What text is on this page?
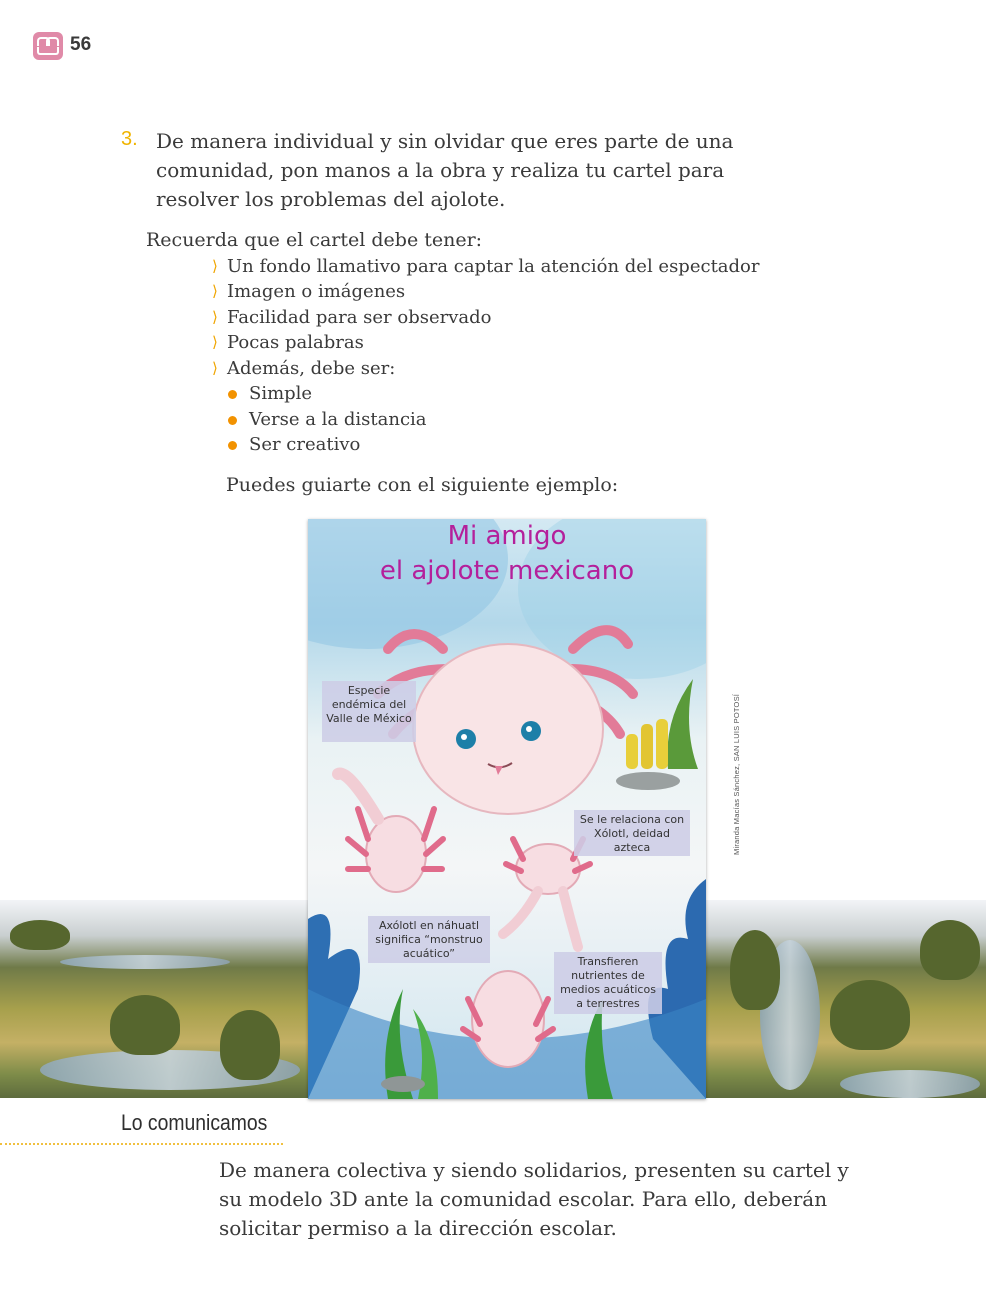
56
3. De manera individual y sin olvidar que eres parte de una comunidad, pon manos a la obra y realiza tu cartel para resolver los problemas del ajolote.
Recuerda que el cartel debe tener:
⟩ Un fondo llamativo para captar la atención del espectador
⟩ Imagen o imágenes
⟩ Facilidad para ser observado
⟩ Pocas palabras
⟩ Además, debe ser:
Simple
Verse a la distancia
Ser creativo
Puedes guiarte con el siguiente ejemplo:
Mi amigo
el ajolote mexicano
Especie endémica del Valle de México
Se le relaciona con Xólotl, deidad azteca
Axólotl en náhuatl significa “monstruo acuático”
Transfieren nutrientes de medios acuáticos a terrestres
Miranda Macías Sánchez, SAN LUIS POTOSÍ
Lo comunicamos
De manera colectiva y siendo solidarios, presenten su cartel y su modelo 3D ante la comunidad escolar. Para ello, deberán solicitar permiso a la dirección escolar.
